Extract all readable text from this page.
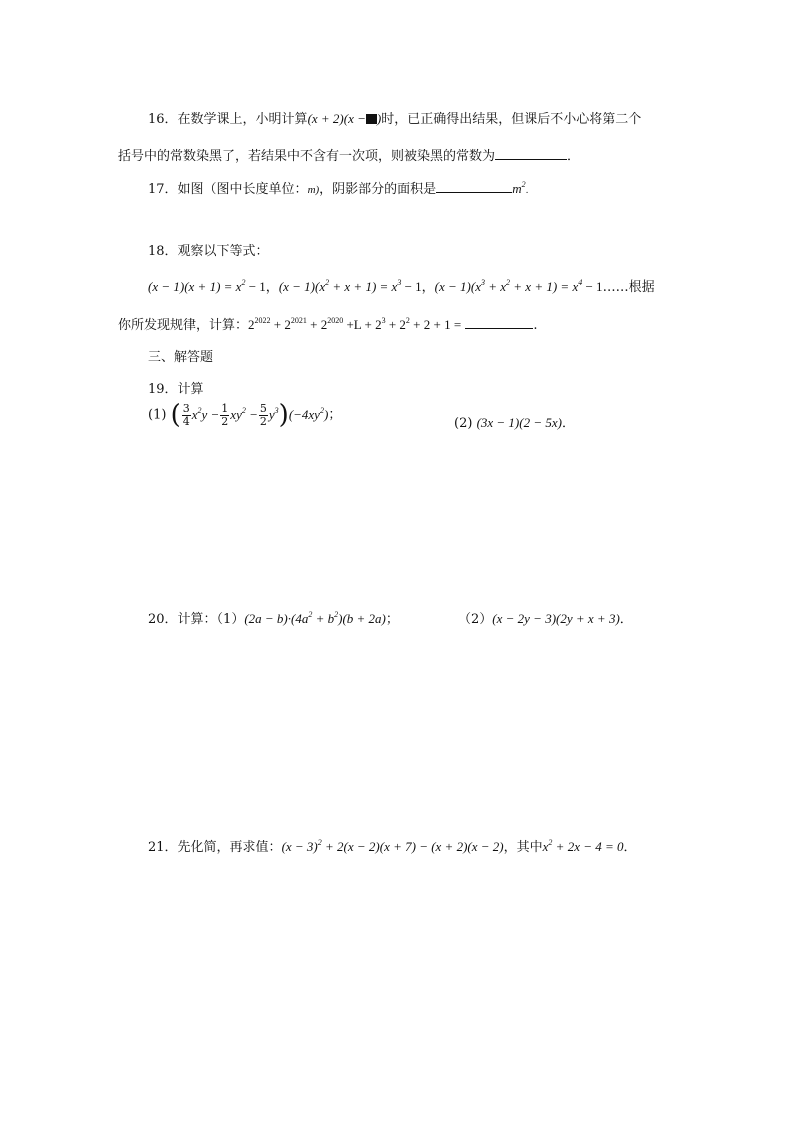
16．在数学课上，小明计算(x + 2)(x − )时，已正确得出结果，但课后不小心将第二个
括号中的常数染黑了，若结果中不含有一次项，则被染黑的常数为	．
17．如图（图中长度单位：m)，阴影部分的面积是	$m^2$.
18．观察以下等式：
$(x - 1)(x + 1) = x^2 - 1$，$(x - 1)(x^2 + x + 1) = x^3 - 1$，$(x - 1)(x^3 + x^2 + x + 1) = x^4$ − 1……根据
你所发现规律，计算：$2^{2022} + 2^{2021} + 2^{2020} +L + 2^3 + 2^2 + 2 + 1$ =	.
三、解答题
19．计算
(1) ( $\frac{3}{4} x^2y - \frac{1}{2} xy^2 - \frac{5}{2} y^3)(-4xy^2)$；
(2) (3x − 1)(2 − 5x)．
20．计算：$(1)(2a - b)\cdot(4a^2 + b^2)(b + 2a)$；	（2）(x − 2y − 3)(2y + x + 3)．
21．先化简，再求值：$(x - 3)^2 + 2(x - 2)(x + 7) - (x + 2)(x - 2)$，其中$x^2 + 2x - 4 = 0$．
